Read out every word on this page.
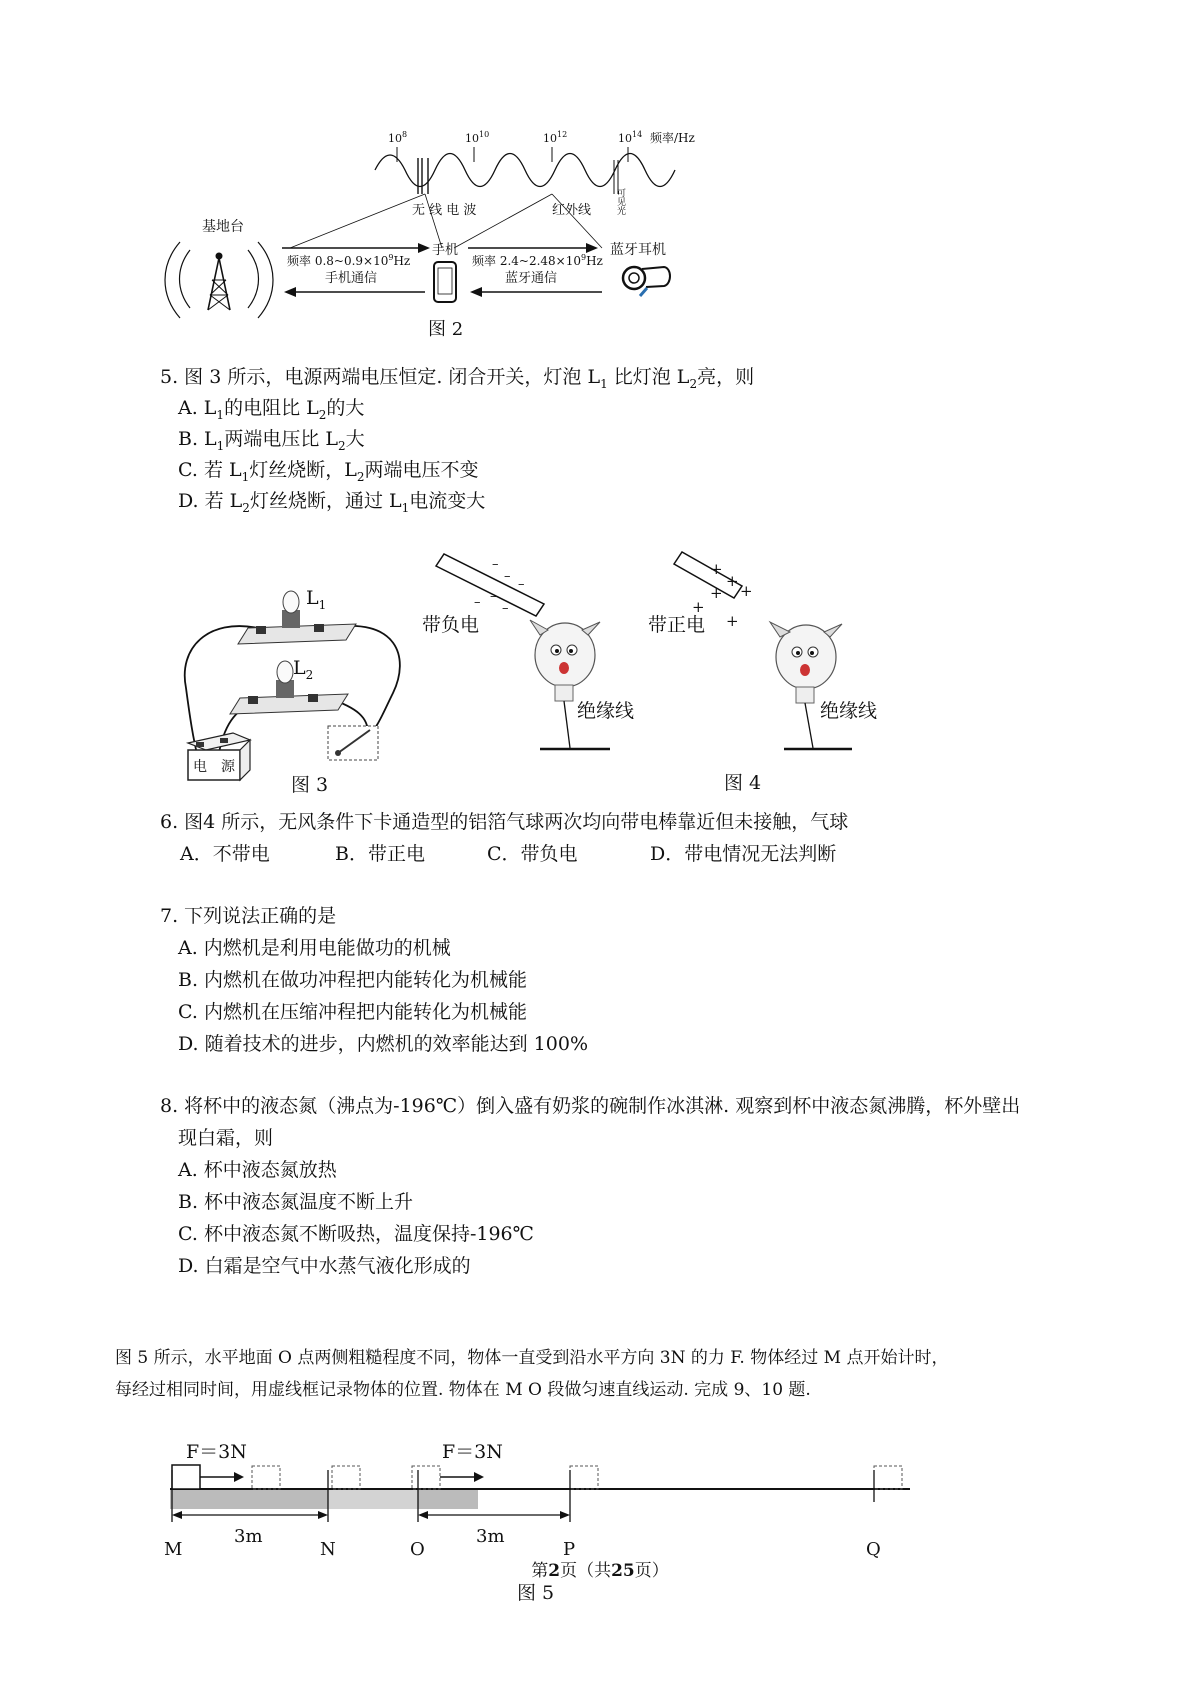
$10^8$	$10^{10}$	$10^{12}$	$10^{14}$ 频率/Hz
无 线 电 波	红外线	可见光
基地台
频率 $0.8\sim 0.9\times 10^9Hz$
手机通信
手机
频率 $2.4\sim 2.48\times 10^9Hz$
蓝牙通信
蓝牙耳机
图 2
5. 图 3 所示，电源两端电压恒定. 闭合开关，灯泡 $L_1$ 比灯泡 $L_2$亮，则
A. $L_1$的电阻比 $L_2$的大
B. $L_1$两端电压比 $L_2$大
C. 若 $L_1$灯丝烧断，$L_2$两端电压不变
D. 若 $L_2$灯丝烧断，通过 $L_1$电流变大
$L_1$
$L_2$
电　源
图 3
–
–
–
–
–
–
带负电
绝缘线
+
+
+
+
+
+
带正电
绝缘线
图 4
6. 图4 所示，无风条件下卡通造型的铝箔气球两次均向带电棒靠近但未接触，气球
A．不带电	B．带正电	C．带负电	D．带电情况无法判断
7. 下列说法正确的是
A. 内燃机是利用电能做功的机械
B. 内燃机在做功冲程把内能转化为机械能
C. 内燃机在压缩冲程把内能转化为机械能
D. 随着技术的进步，内燃机的效率能达到 100%
8. 将杯中的液态氮（沸点为-196℃）倒入盛有奶浆的碗制作冰淇淋. 观察到杯中液态氮沸腾，杯外壁出
现白霜，则
A. 杯中液态氮放热
B. 杯中液态氮温度不断上升
C. 杯中液态氮不断吸热，温度保持-196℃
D. 白霜是空气中水蒸气液化形成的
图 5 所示，水平地面 O 点两侧粗糙程度不同，物体一直受到沿水平方向 3N 的力 F. 物体经过 M 点开始计时，
每经过相同时间，用虚线框记录物体的位置. 物体在 M O 段做匀速直线运动. 完成 9、10 题.
F＝3N	F＝3N
3m	3m
M	N	O	P	Q
第2页（共25页）
图 5
